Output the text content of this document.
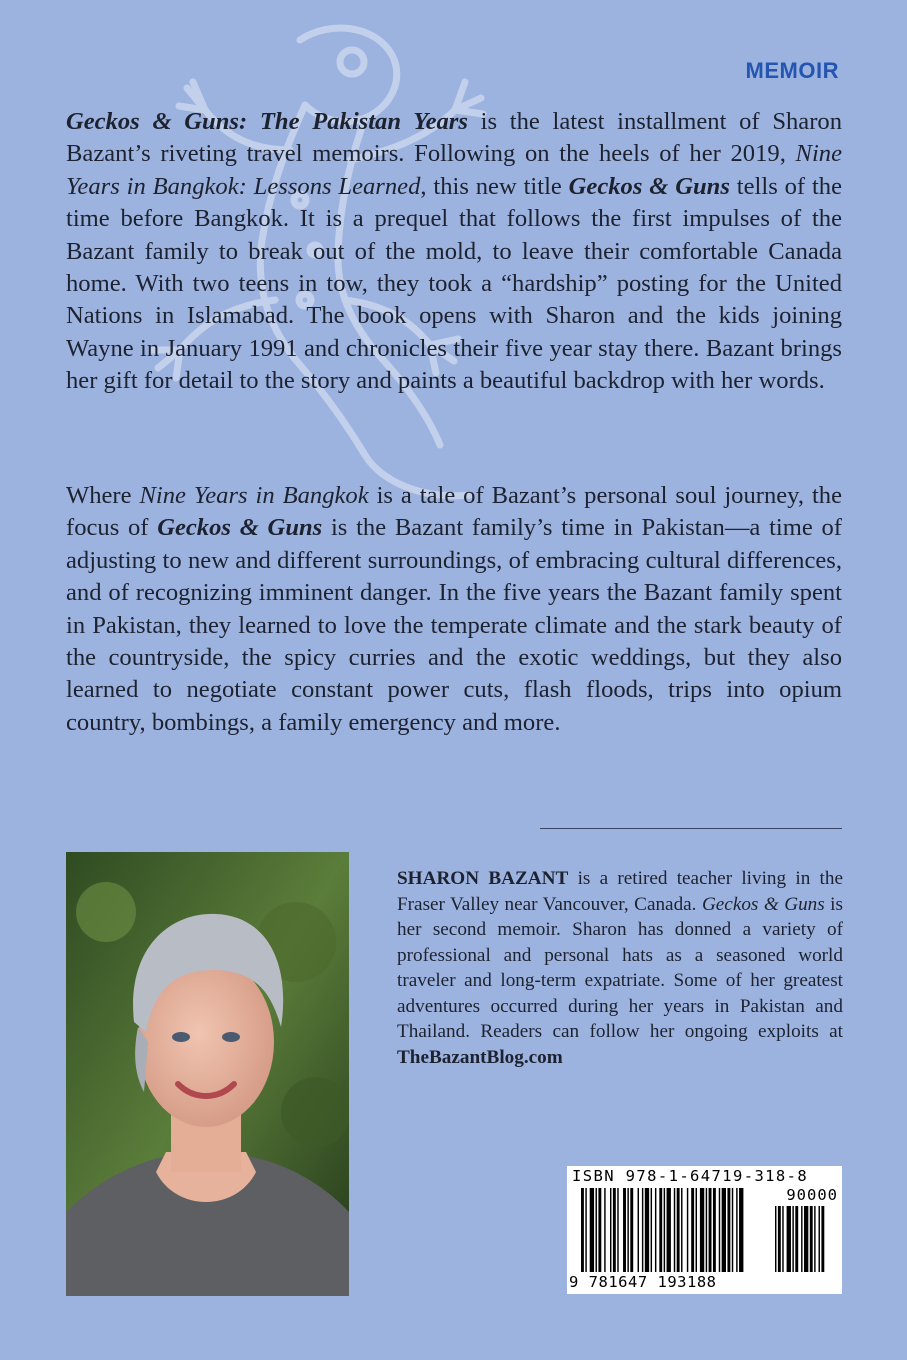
MEMOIR

Geckos & Guns: The Pakistan Years is the latest installment of Sharon Bazant’s riveting travel memoirs. Following on the heels of her 2019, Nine Years in Bangkok: Lessons Learned, this new title Geckos & Guns tells of the time before Bangkok. It is a prequel that follows the first impulses of the Bazant family to break out of the mold, to leave their comfortable Canada home. With two teens in tow, they took a “hardship” posting for the United Nations in Islamabad. The book opens with Sharon and the kids joining Wayne in January 1991 and chronicles their five year stay there. Bazant brings her gift for detail to the story and paints a beautiful backdrop with her words.

Where Nine Years in Bangkok is a tale of Bazant’s personal soul journey, the focus of Geckos & Guns is the Bazant family’s time in Pakistan—a time of adjusting to new and different surroundings, of embracing cultural differences, and of recognizing imminent danger. In the five years the Bazant family spent in Pakistan, they learned to love the temperate climate and the stark beauty of the countryside, the spicy curries and the exotic weddings, but they also learned to negotiate constant power cuts, flash floods, trips into opium country, bombings, a family emergency and more.

SHARON BAZANT is a retired teacher living in the Fraser Valley near Vancouver, Canada. Geckos & Guns is her second memoir. Sharon has donned a variety of professional and personal hats as a seasoned world traveler and long-term expatriate. Some of her greatest adventures occurred during her years in Pakistan and Thailand. Readers can follow her ongoing exploits at TheBazantBlog.com

ISBN 978-1-64719-318-8
90000
9 781647 193188
